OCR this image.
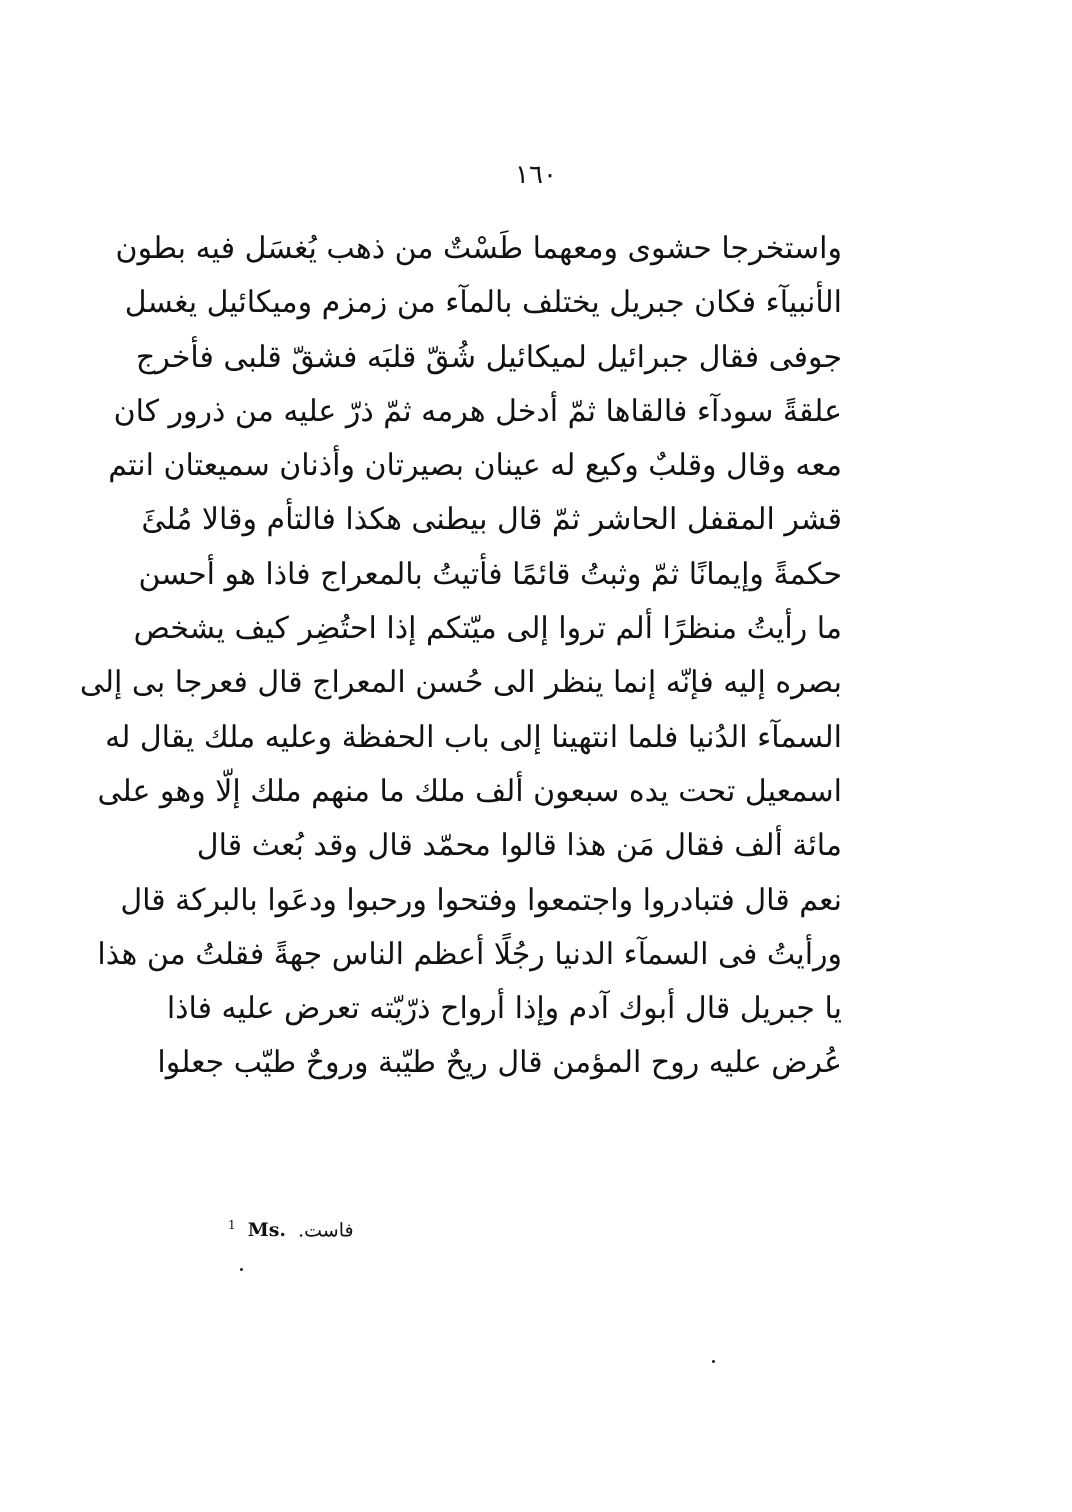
١٦٠
واستخرجا حشوى ومعهما طَسْتٌ من ذهب يُغسَل فيه بطون
الأنبيآء فكان جبريل يختلف بالمآء من زمزم وميكائيل يغسل
جوفى فقال جبرائيل لميكائيل شُقّ قلبَه فشقّ قلبى فأخرج
علقةً سودآء فالقاها ثمّ أدخل هرمه ثمّ ذرّ عليه من ذرور كان
معه وقال وقلبٌ وكيع له عينان بصيرتان وأذنان سميعتان انتم
قشر المقفل الحاشر ثمّ قال بيطنى هكذا فالتأم وقالا مُلئَ
حكمةً وإيمانًا ثمّ وثبتُ قائمًا فأتيتُ بالمعراج فاذا هو أحسن
ما رأيتُ منظرًا ألم تروا إلى ميّتكم إذا احتُضِر كيف يشخص
بصره إليه فإنّه إنما ينظر الى حُسن المعراج قال فعرجا بى إلى
السمآء الدُنيا فلما انتهينا إلى باب الحفظة وعليه ملك يقال له
اسمعيل تحت يده سبعون ألف ملك ما منهم ملك إلّا وهو على
مائة ألف فقال مَن هذا قالوا محمّد قال وقد بُعث قال
نعم قال فتبادروا واجتمعوا وفتحوا ورحبوا ودعَوا بالبركة قال
ورأيتُ فى السمآء الدنيا رجُلًا أعظم الناس جهةً فقلتُ من هذا
يا جبريل قال أبوك آدم وإذا أرواح ذرّيّته تعرض عليه فاذا
عُرض عليه روح المؤمن قال ريحٌ طيّبة وروحٌ طيّب جعلوا
$^1$ Ms. فاست.
